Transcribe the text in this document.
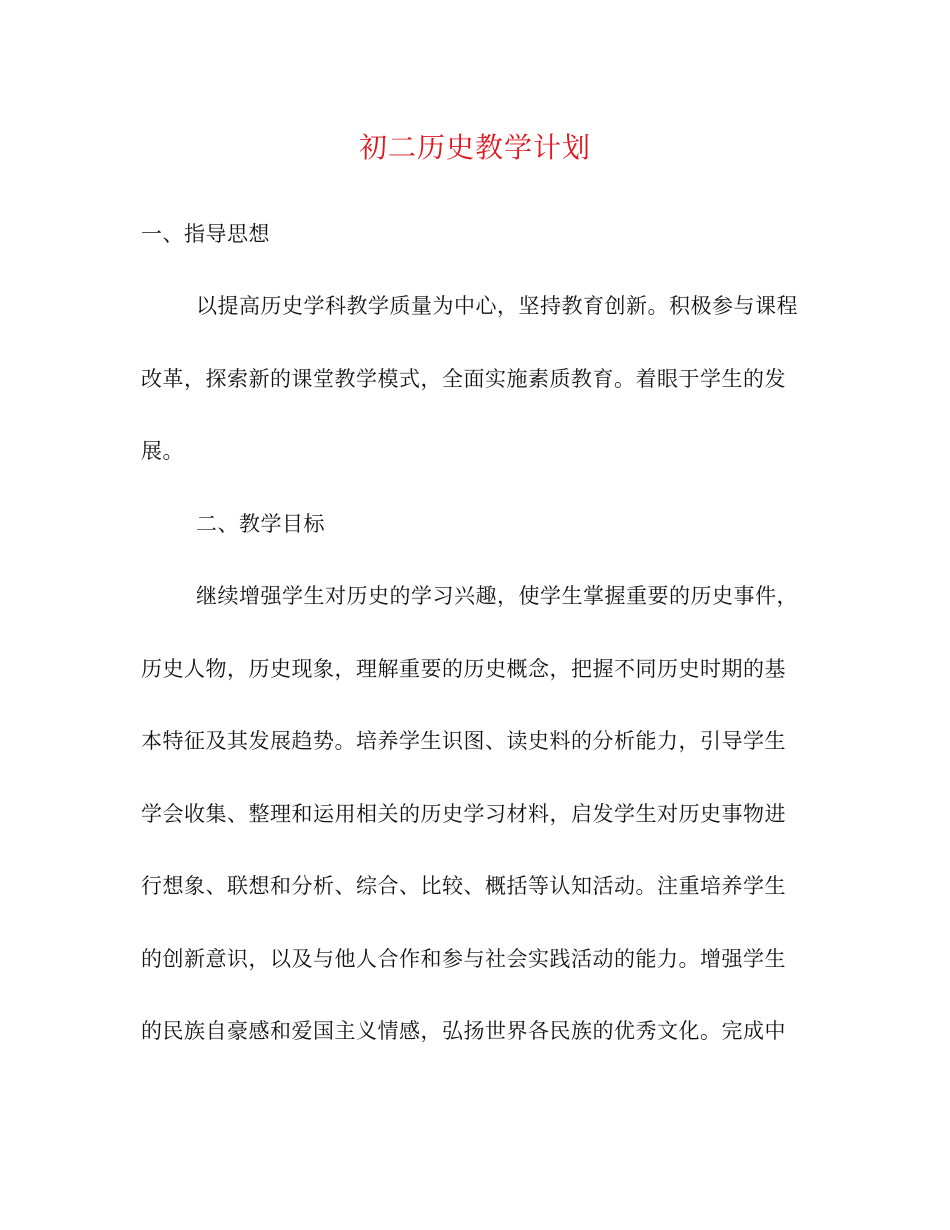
初二历史教学计划
一、指导思想
以提高历史学科教学质量为中心，坚持教育创新。积极参与课程
改革，探索新的课堂教学模式，全面实施素质教育。着眼于学生的发
展。
二、教学目标
继续增强学生对历史的学习兴趣，使学生掌握重要的历史事件，
历史人物，历史现象，理解重要的历史概念，把握不同历史时期的基
本特征及其发展趋势。培养学生识图、读史料的分析能力，引导学生
学会收集、整理和运用相关的历史学习材料，启发学生对历史事物进
行想象、联想和分析、综合、比较、概括等认知活动。注重培养学生
的创新意识，以及与他人合作和参与社会实践活动的能力。增强学生
的民族自豪感和爱国主义情感，弘扬世界各民族的优秀文化。完成中
